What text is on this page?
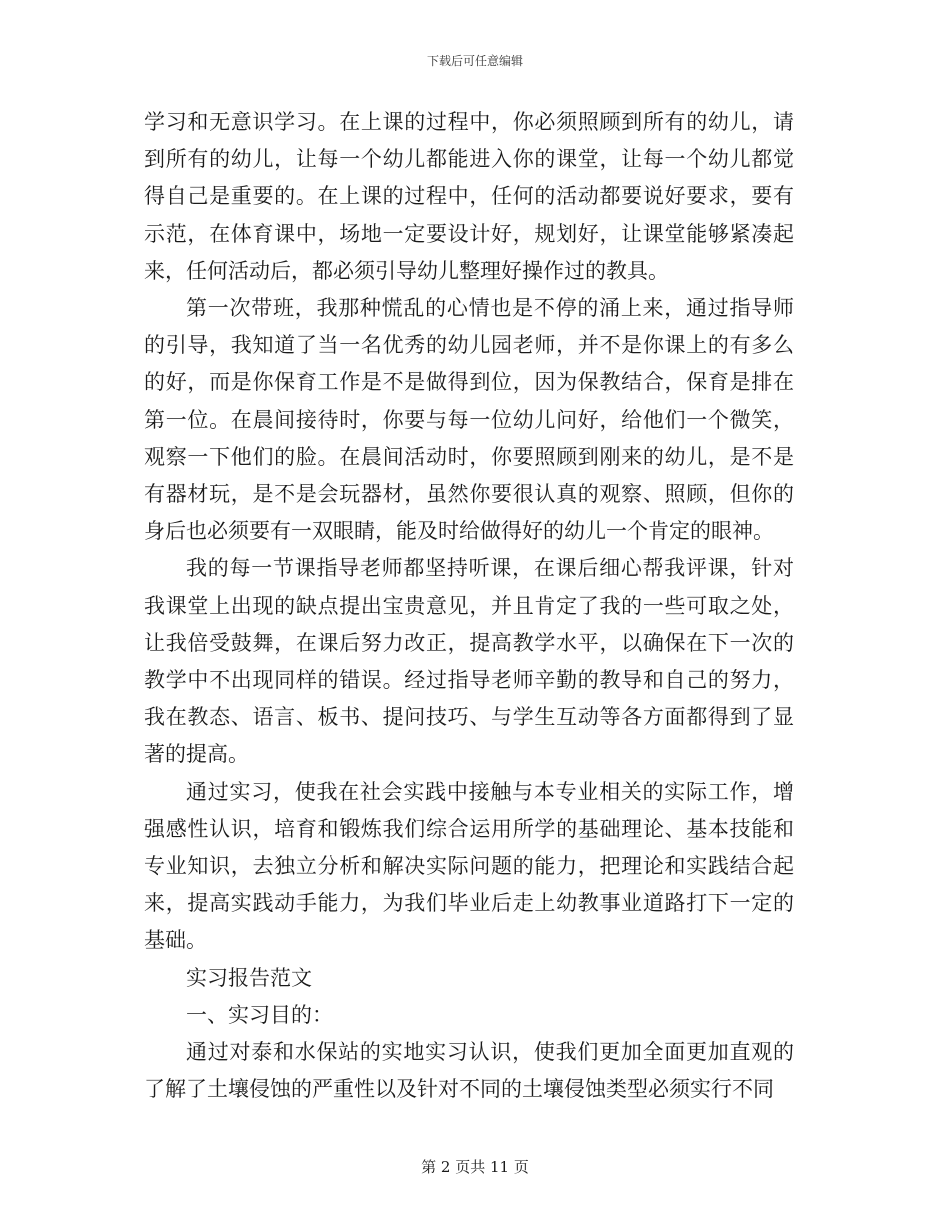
下载后可任意编辑

学习和无意识学习。在上课的过程中，你必须照顾到所有的幼儿，请到所有的幼儿，让每一个幼儿都能进入你的课堂，让每一个幼儿都觉得自己是重要的。在上课的过程中，任何的活动都要说好要求，要有示范，在体育课中，场地一定要设计好，规划好，让课堂能够紧凑起来，任何活动后，都必须引导幼儿整理好操作过的教具。

第一次带班，我那种慌乱的心情也是不停的涌上来，通过指导师的引导，我知道了当一名优秀的幼儿园老师，并不是你课上的有多么的好，而是你保育工作是不是做得到位，因为保教结合，保育是排在第一位。在晨间接待时，你要与每一位幼儿问好，给他们一个微笑，观察一下他们的脸。在晨间活动时，你要照顾到刚来的幼儿，是不是有器材玩，是不是会玩器材，虽然你要很认真的观察、照顾，但你的身后也必须要有一双眼睛，能及时给做得好的幼儿一个肯定的眼神。

我的每一节课指导老师都坚持听课，在课后细心帮我评课，针对我课堂上出现的缺点提出宝贵意见，并且肯定了我的一些可取之处，让我倍受鼓舞，在课后努力改正，提高教学水平，以确保在下一次的教学中不出现同样的错误。经过指导老师辛勤的教导和自己的努力，我在教态、语言、板书、提问技巧、与学生互动等各方面都得到了显著的提高。

通过实习，使我在社会实践中接触与本专业相关的实际工作，增强感性认识，培育和锻炼我们综合运用所学的基础理论、基本技能和专业知识，去独立分析和解决实际问题的能力，把理论和实践结合起来，提高实践动手能力，为我们毕业后走上幼教事业道路打下一定的基础。

实习报告范文

一、实习目的：

通过对泰和水保站的实地实习认识，使我们更加全面更加直观的了解了土壤侵蚀的严重性以及针对不同的土壤侵蚀类型必须实行不同

第 2 页共 11 页
